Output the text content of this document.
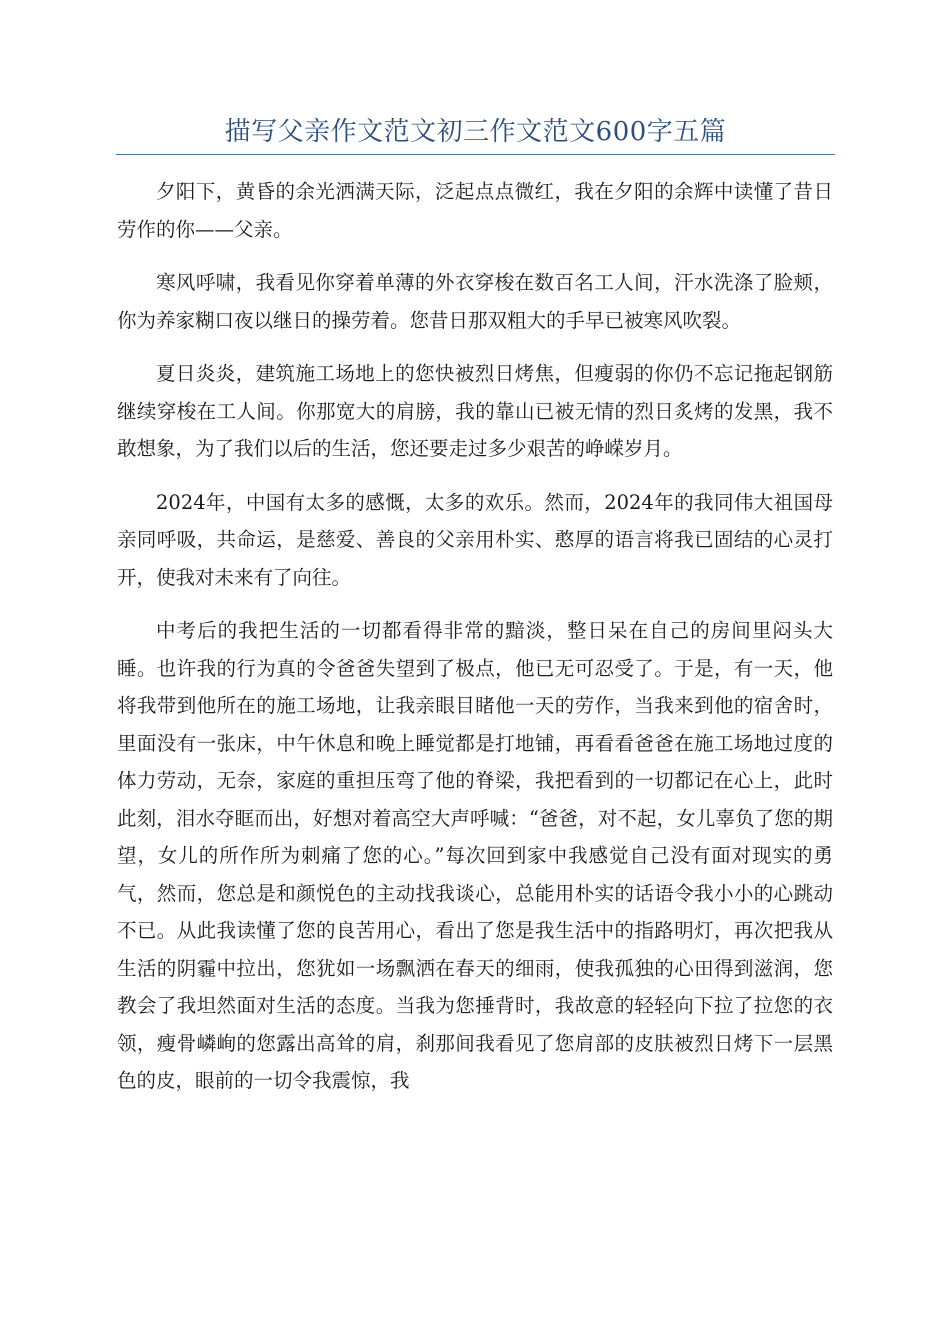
描写父亲作文范文初三作文范文600字五篇

夕阳下，黄昏的余光洒满天际，泛起点点微红，我在夕阳的余辉中读懂了昔日劳作的你——父亲。

寒风呼啸，我看见你穿着单薄的外衣穿梭在数百名工人间，汗水洗涤了脸颊，你为养家糊口夜以继日的操劳着。您昔日那双粗大的手早已被寒风吹裂。

夏日炎炎，建筑施工场地上的您快被烈日烤焦，但瘦弱的你仍不忘记拖起钢筋继续穿梭在工人间。你那宽大的肩膀，我的靠山已被无情的烈日炙烤的发黑，我不敢想象，为了我们以后的生活，您还要走过多少艰苦的峥嵘岁月。

2024年，中国有太多的感慨，太多的欢乐。然而，2024年的我同伟大祖国母亲同呼吸，共命运，是慈爱、善良的父亲用朴实、憨厚的语言将我已固结的心灵打开，使我对未来有了向往。

中考后的我把生活的一切都看得非常的黯淡，整日呆在自己的房间里闷头大睡。也许我的行为真的令爸爸失望到了极点，他已无可忍受了。于是，有一天，他将我带到他所在的施工场地，让我亲眼目睹他一天的劳作，当我来到他的宿舍时，里面没有一张床，中午休息和晚上睡觉都是打地铺，再看看爸爸在施工场地过度的体力劳动，无奈，家庭的重担压弯了他的脊梁，我把看到的一切都记在心上，此时此刻，泪水夺眶而出，好想对着高空大声呼喊：“爸爸，对不起，女儿辜负了您的期望，女儿的所作所为刺痛了您的心。”每次回到家中我感觉自己没有面对现实的勇气，然而，您总是和颜悦色的主动找我谈心，总能用朴实的话语令我小小的心跳动不已。从此我读懂了您的良苦用心，看出了您是我生活中的指路明灯，再次把我从生活的阴霾中拉出，您犹如一场飘洒在春天的细雨，使我孤独的心田得到滋润，您教会了我坦然面对生活的态度。当我为您捶背时，我故意的轻轻向下拉了拉您的衣领，瘦骨嶙峋的您露出高耸的肩，刹那间我看见了您肩部的皮肤被烈日烤下一层黑色的皮，眼前的一切令我震惊，我
